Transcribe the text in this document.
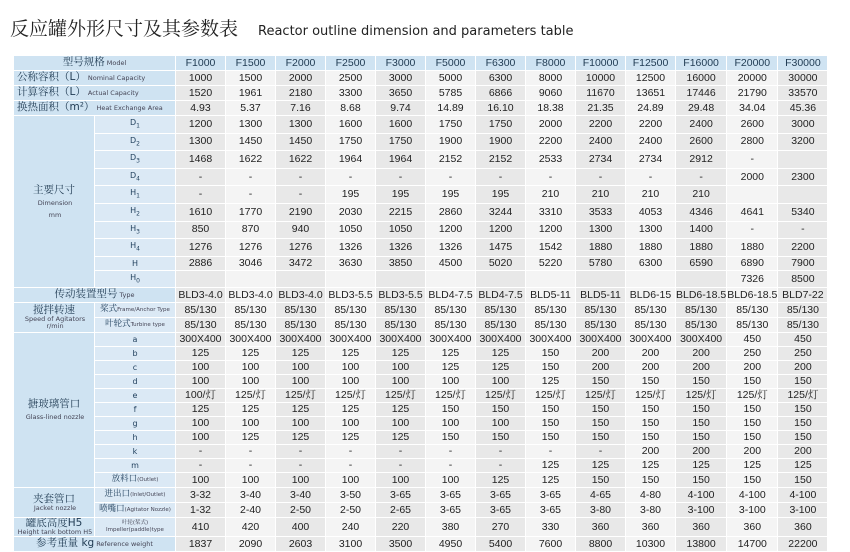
反应罐外形尺寸及其参数表 Reactor outline dimension and parameters table
型号规格 Model		F1000	F1500	F2000	F2500	F3000	F5000	F6300	F8000	F10000	F12500	F16000	F20000	F30000
公称容积（L） Nominal Capacity		1000	1500	2000	2500	3000	5000	6300	8000	10000	12500	16000	20000	30000
计算容积（L） Actual Capacity		1520	1961	2180	3300	3650	5785	6866	9060	11670	13651	17446	21790	33570
换热面积（m²） Heat Exchange Area		4.93	5.37	7.16	8.68	9.74	14.89	16.10	18.38	21.35	24.89	29.48	34.04	45.36

主要尺寸
Dimension
mm	$D_1$	1200	1300	1300	1600	1600	1750	1750	2000	2200	2200	2400	2600	3000
	$D_2$	1300	1450	1450	1750	1750	1900	1900	2200	2400	2400	2600	2800	3200
	$D_3$	1468	1622	1622	1964	1964	2152	2152	2533	2734	2734	2912	-	
	$D_4$	-	-	-	-	-	-	-	-	-	-	-	2000	2300
	$H_1$	-	-	-	195	195	195	195	210	210	210	210		
	$H_2$	1610	1770	2190	2030	2215	2860	3244	3310	3533	4053	4346	4641	5340
	$H_3$	850	870	940	1050	1050	1200	1200	1200	1300	1300	1400	-	-
	$H_4$	1276	1276	1276	1326	1326	1326	1475	1542	1880	1880	1880	1880	2200
	H	2886	3046	3472	3630	3850	4500	5020	5220	5780	6300	6590	6890	7900
	$H_0$												7326	8500
传动装置型号 Type		BLD3-4.0	BLD3-4.0	BLD3-4.0	BLD3-5.5	BLD3-5.5	BLD4-7.5	BLD4-7.5	BLD5-11	BLD5-11	BLD6-15	BLD6-18.5	BLD6-18.5	BLD7-22

搅拌转速
Speed of Agitators
r/min	桨式Frame/Anchor Type	85/130	85/130	85/130	85/130	85/130	85/130	85/130	85/130	85/130	85/130	85/130	85/130	85/130
	叶轮式Turbine type	85/130	85/130	85/130	85/130	85/130	85/130	85/130	85/130	85/130	85/130	85/130	85/130	85/130

搪玻璃管口
Glass-lined nozzle	a	300X400	300X400	300X400	300X400	300X400	300X400	300X400	300X400	300X400	300X400	300X400	450	450
	b	125	125	125	125	125	125	125	150	200	200	200	250	250
	c	100	100	100	100	100	125	125	150	200	200	200	200	200
	d	100	100	100	100	100	100	100	125	150	150	150	150	150
	e	100/灯	125/灯	125/灯	125/灯	125/灯	125/灯	125/灯	125/灯	125/灯	125/灯	125/灯	125/灯	125/灯
	f	125	125	125	125	125	150	150	150	150	150	150	150	150
	g	100	100	100	100	100	100	100	150	150	150	150	150	150
	h	100	125	125	125	125	150	150	150	150	150	150	150	150
	k	-	-	-	-	-	-	-	-	-	200	200	200	200
	m	-	-	-	-	-	-	-	125	125	125	125	125	125
	放料口(Outlet)	100	100	100	100	100	100	125	125	150	150	150	150	150

夹套管口
Jacket nozzle	进出口(Inlet/Outlet)	3-32	3-40	3-40	3-50	3-65	3-65	3-65	3-65	4-65	4-80	4-100	4-100	4-100
	喷嘴口(Agitator Nozzle)	1-32	2-40	2-50	2-50	2-65	3-65	3-65	3-65	3-80	3-80	3-100	3-100	3-100

罐底高度H5
Height tank bottom H5	叶轮(桨式)
Impeller(paddle)type	410	420	400	240	220	380	270	330	360	360	360	360	360
参考重量 kg Reference weight		1837	2090	2603	3100	3500	4950	5400	7600	8800	10300	13800	14700	22200
